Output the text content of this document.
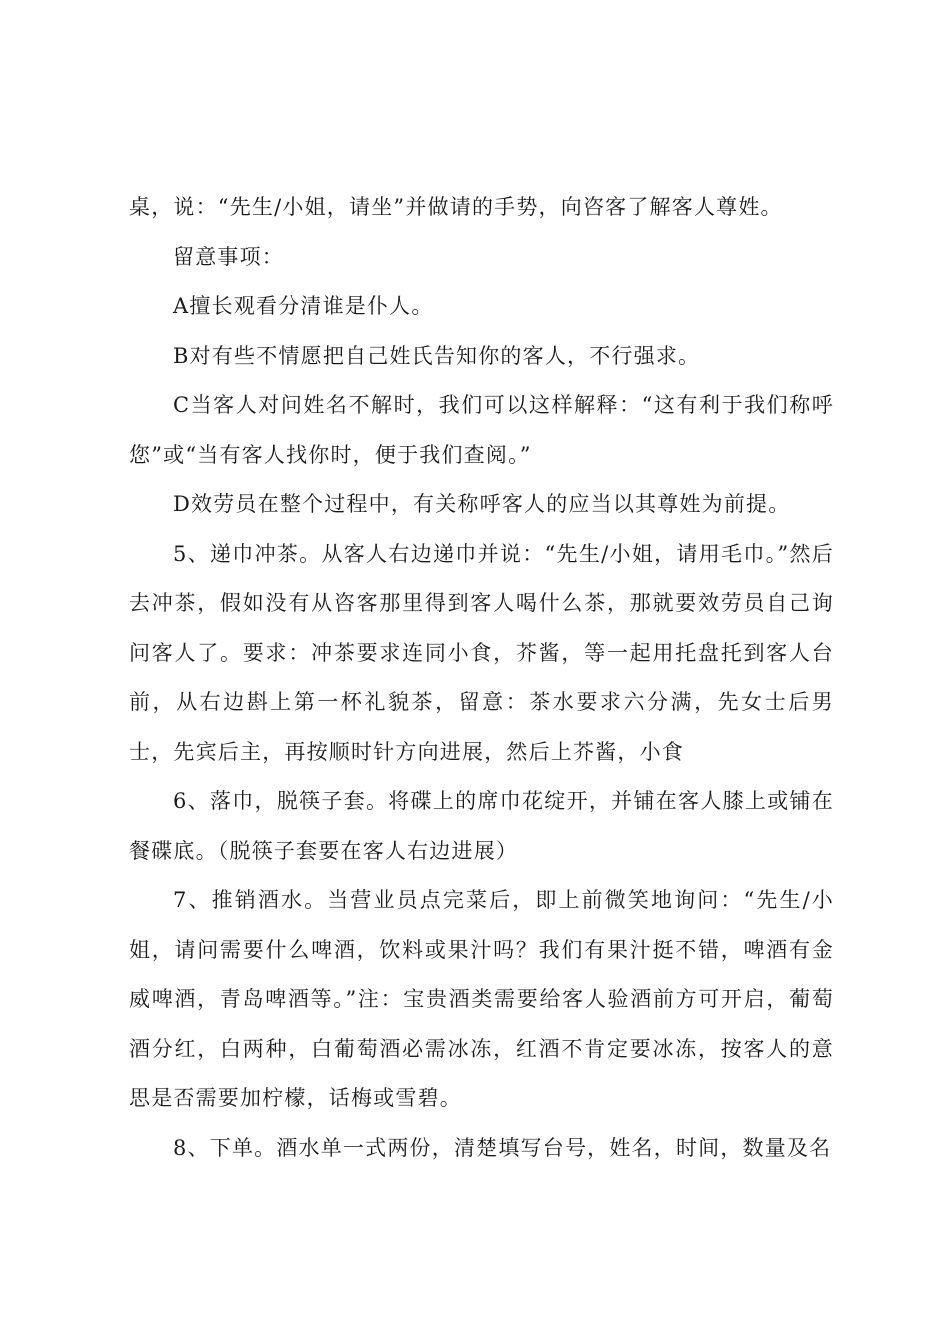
桌，说：“先生/小姐，请坐”并做请的手势，向咨客了解客人尊姓。

留意事项：

A擅长观看分清谁是仆人。

B对有些不情愿把自己姓氏告知你的客人，不行强求。

C当客人对问姓名不解时，我们可以这样解释：“这有利于我们称呼您”或“当有客人找你时，便于我们查阅。”

D效劳员在整个过程中，有关称呼客人的应当以其尊姓为前提。

5、递巾冲茶。从客人右边递巾并说：“先生/小姐，请用毛巾。”然后去冲茶，假如没有从咨客那里得到客人喝什么茶，那就要效劳员自己询问客人了。要求：冲茶要求连同小食，芥酱，等一起用托盘托到客人台前，从右边斟上第一杯礼貌茶，留意：茶水要求六分满，先女士后男士，先宾后主，再按顺时针方向进展，然后上芥酱，小食

6、落巾，脱筷子套。将碟上的席巾花绽开，并铺在客人膝上或铺在餐碟底。（脱筷子套要在客人右边进展）

7、推销酒水。当营业员点完菜后，即上前微笑地询问：“先生/小姐，请问需要什么啤酒，饮料或果汁吗？我们有果汁挺不错，啤酒有金威啤酒，青岛啤酒等。”注：宝贵酒类需要给客人验酒前方可开启，葡萄酒分红，白两种，白葡萄酒必需冰冻，红酒不肯定要冰冻，按客人的意思是否需要加柠檬，话梅或雪碧。

8、下单。酒水单一式两份，清楚填写台号，姓名，时间，数量及名
